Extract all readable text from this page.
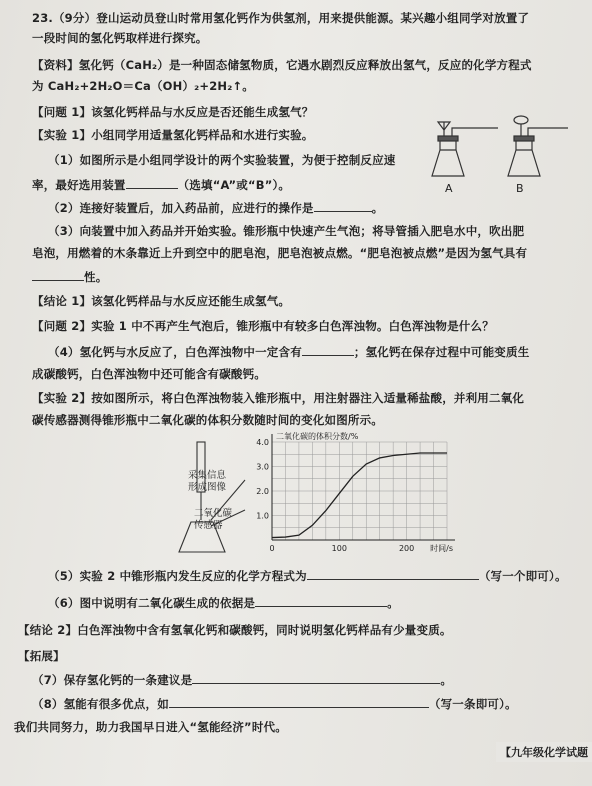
A	B
采集信息
形成图像
二氧化碳
传感器
0	100	200
1.0
2.0
3.0
4.0
二氧化碳的体积分数/%
时间/s
23.（9分）登山运动员登山时常用氢化钙作为供氢剂，用来提供能源。某兴趣小组同学对放置了
一段时间的氢化钙取样进行探究。
【资料】氢化钙（CaH₂）是一种固态储氢物质，它遇水剧烈反应释放出氢气，反应的化学方程式
为 CaH₂+2H₂O＝Ca（OH）₂+2H₂↑。
【问题 1】该氢化钙样品与水反应是否还能生成氢气？
【实验 1】小组同学用适量氢化钙样品和水进行实验。
（1）如图所示是小组同学设计的两个实验装置，为便于控制反应速
率，最好选用装置	（选填“A”或“B”）。
（2）连接好装置后，加入药品前，应进行的操作是	。
（3）向装置中加入药品并开始实验。锥形瓶中快速产生气泡；将导管插入肥皂水中，吹出肥
皂泡，用燃着的木条靠近上升到空中的肥皂泡，肥皂泡被点燃。“肥皂泡被点燃”是因为氢气具有
性。
【结论 1】该氢化钙样品与水反应还能生成氢气。
【问题 2】实验 1 中不再产生气泡后，锥形瓶中有较多白色浑浊物。白色浑浊物是什么？
（4）氢化钙与水反应了，白色浑浊物中一定含有	；氢化钙在保存过程中可能变质生
成碳酸钙，白色浑浊物中还可能含有碳酸钙。
【实验 2】按如图所示，将白色浑浊物装入锥形瓶中，用注射器注入适量稀盐酸，并利用二氧化
碳传感器测得锥形瓶中二氧化碳的体积分数随时间的变化如图所示。
（5）实验 2 中锥形瓶内发生反应的化学方程式为	（写一个即可）。
（6）图中说明有二氧化碳生成的依据是	。
【结论 2】白色浑浊物中含有氢氧化钙和碳酸钙，同时说明氢化钙样品有少量变质。
【拓展】
（7）保存氢化钙的一条建议是	。
（8）氢能有很多优点，如	（写一条即可）。
我们共同努力，助力我国早日进入“氢能经济”时代。
【九年级化学试题
